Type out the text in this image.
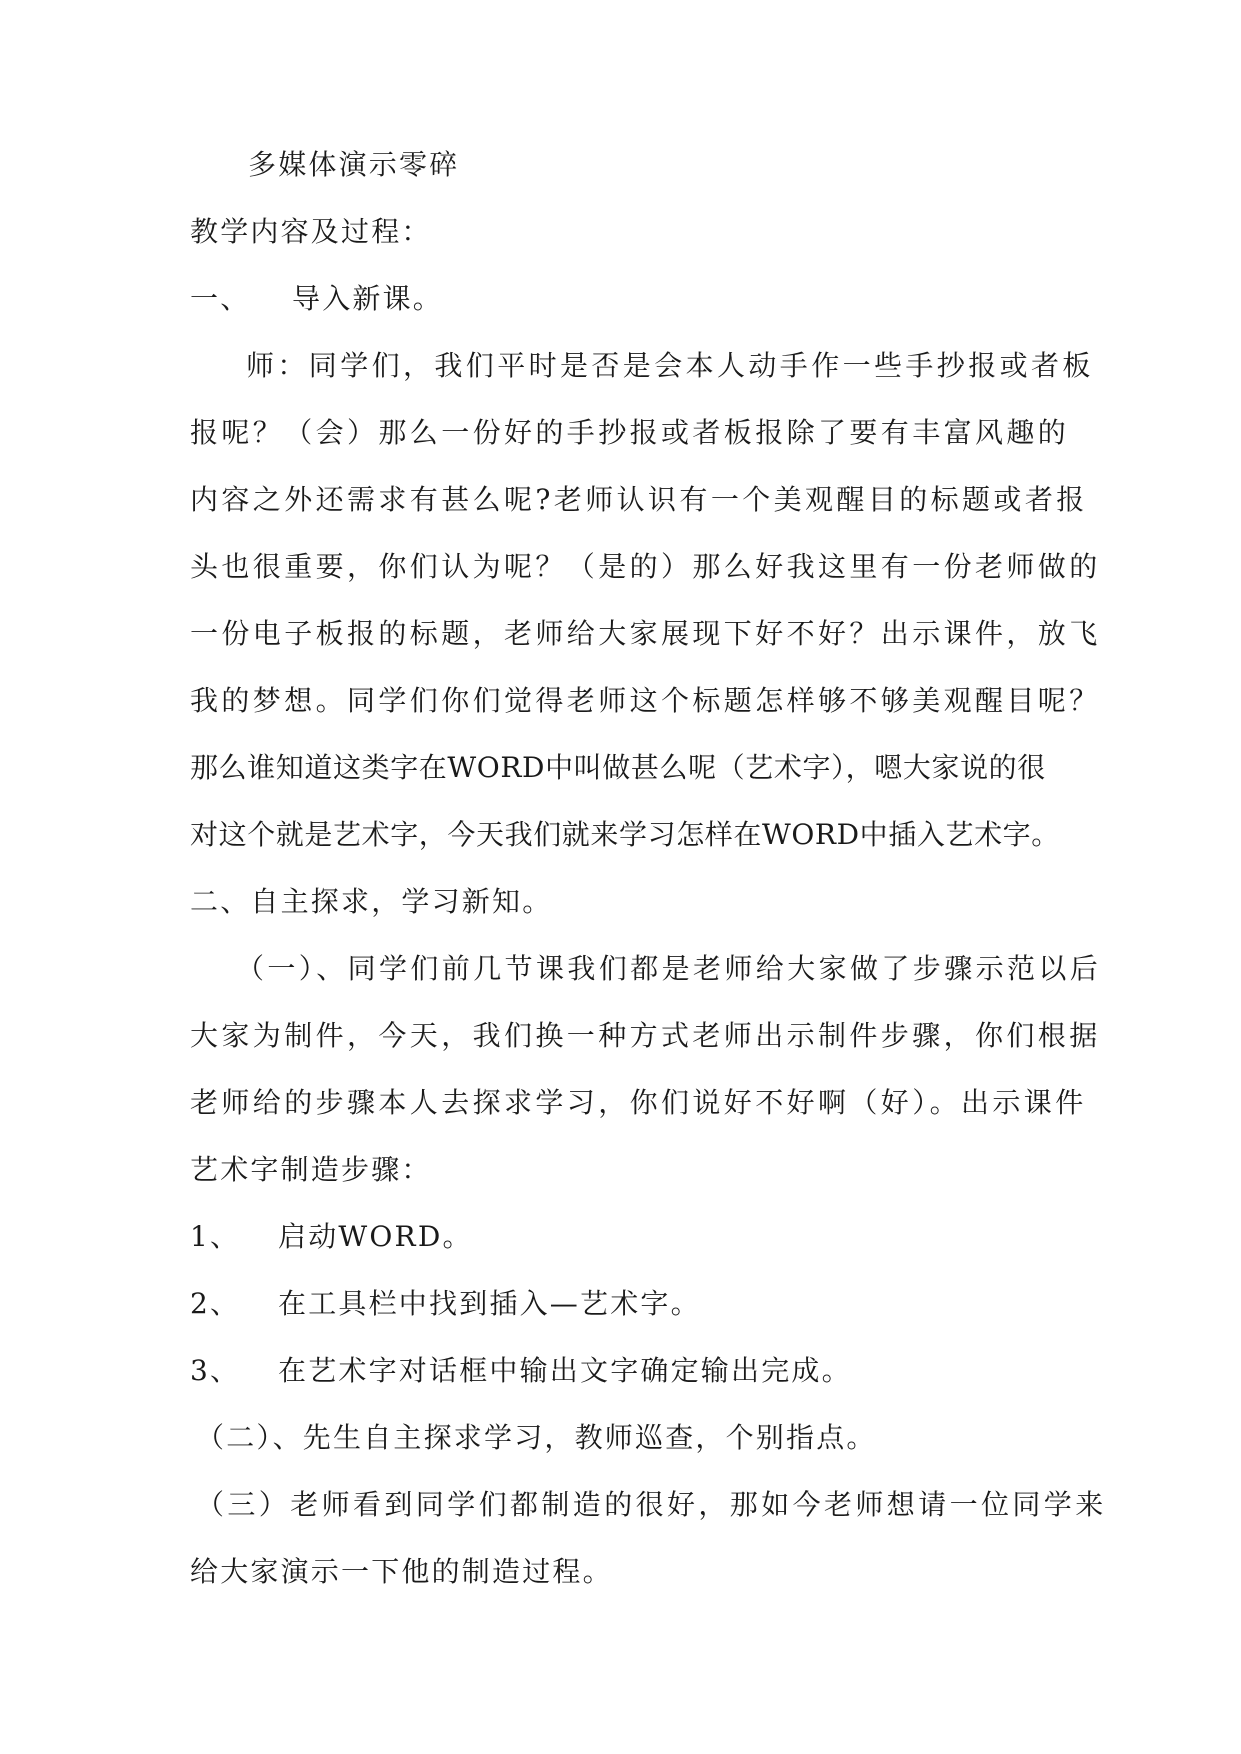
多媒体演示零碎
教学内容及过程：
一、 导入新课。
师：同学们，我们平时是否是会本人动手作一些手抄报或者板
报呢？（会）那么一份好的手抄报或者板报除了要有丰富风趣的
内容之外还需求有甚么呢?老师认识有一个美观醒目的标题或者报
头也很重要，你们认为呢？（是的）那么好我这里有一份老师做的
一份电子板报的标题，老师给大家展现下好不好？出示课件，放飞
我的梦想。同学们你们觉得老师这个标题怎样够不够美观醒目呢？
那么谁知道这类字在WORD中叫做甚么呢（艺术字），嗯大家说的很
对这个就是艺术字，今天我们就来学习怎样在WORD中插入艺术字。
二、自主探求，学习新知。
（一）、同学们前几节课我们都是老师给大家做了步骤示范以后
大家为制件，今天，我们换一种方式老师出示制件步骤，你们根据
老师给的步骤本人去探求学习，你们说好不好啊（好）。出示课件
艺术字制造步骤：
1、 启动WORD。
2、 在工具栏中找到插入—艺术字。
3、 在艺术字对话框中输出文字确定输出完成。
（二）、先生自主探求学习，教师巡查，个别指点。
（三）老师看到同学们都制造的很好，那如今老师想请一位同学来
给大家演示一下他的制造过程。
